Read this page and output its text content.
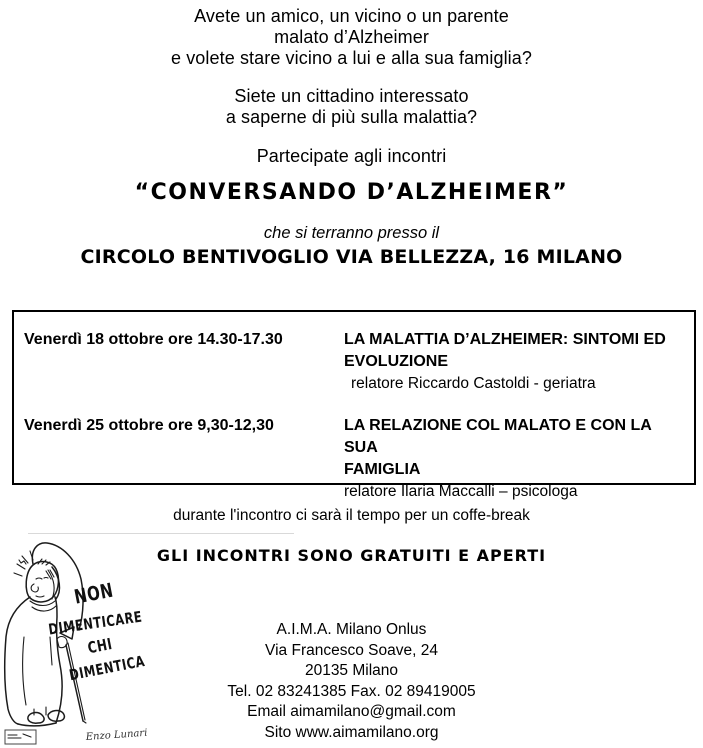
Avete un amico, un vicino o un parente
malato d’Alzheimer
e volete stare vicino a lui e alla sua famiglia?
Siete un cittadino interessato
a saperne di più sulla malattia?
Partecipate agli incontri
“CONVERSANDO D’ALZHEIMER”
che si terranno presso il
CIRCOLO BENTIVOGLIO VIA BELLEZZA, 16 MILANO
Venerdì 18 ottobre ore 14.30-17.30	LA MALATTIA D’ALZHEIMER: SINTOMI ED
EVOLUZIONE
relatore Riccardo Castoldi - geriatra
Venerdì 25 ottobre ore 9,30-12,30	LA RELAZIONE COL MALATO E CON LA SUA
FAMIGLIA
relatore Ilaria Maccalli – psicologa
durante l'incontro ci sarà il tempo per un coffe-break
NON
DIMENTICARE
CHI
DIMENTICA
Enzo Lunari
GLI INCONTRI SONO GRATUITI E APERTI
A.I.M.A. Milano Onlus
Via Francesco Soave, 24
20135 Milano
Tel. 02 83241385 Fax. 02 89419005
Email aimamilano@gmail.com
Sito www.aimamilano.org
